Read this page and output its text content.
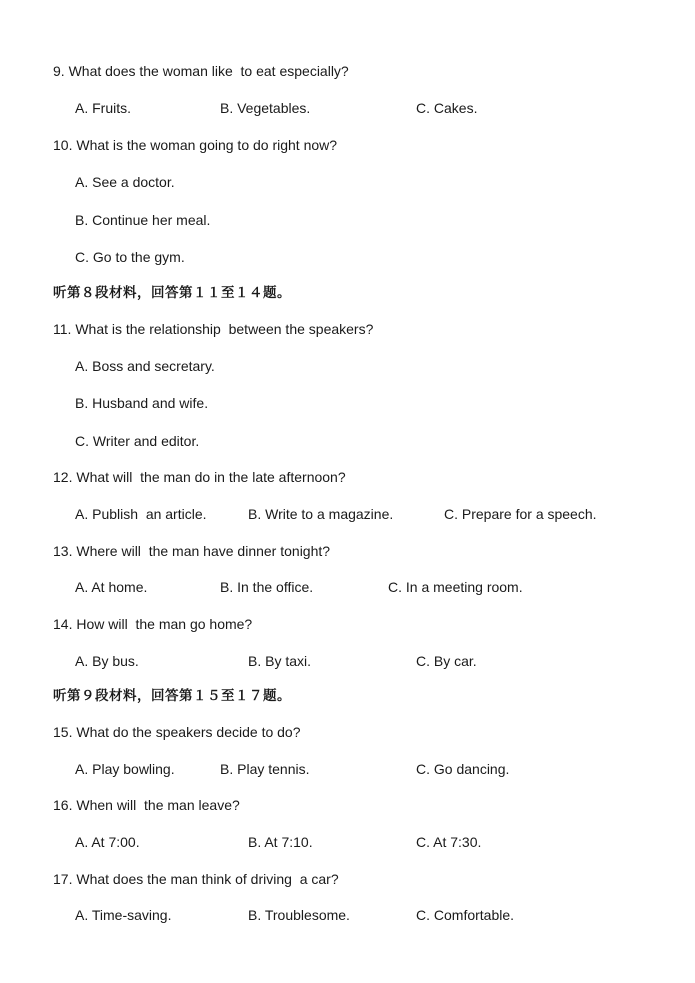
9. What does the woman like  to eat especially?
A. Fruits.	B. Vegetables.	C. Cakes.
10. What is the woman going to do right now?
A. See a doctor.
B. Continue her meal.
C. Go to the gym.
听第８段材料，回答第１１至１４题。
11. What is the relationship  between the speakers?
A. Boss and secretary.
B. Husband and wife.
C. Writer and editor.
12. What will  the man do in the late afternoon?
A. Publish  an article.	B. Write to a magazine.	C. Prepare for a speech.
13. Where will  the man have dinner tonight?
A. At home.	B. In the office.	C. In a meeting room.
14. How will  the man go home?
A. By bus.	B. By taxi.	C. By car.
听第９段材料，回答第１５至１７题。
15. What do the speakers decide to do?
A. Play bowling.	B. Play tennis.	C. Go dancing.
16. When will  the man leave?
A. At 7:00.	B. At 7:10.	C. At 7:30.
17. What does the man think of driving  a car?
A. Time-saving.	B. Troublesome.	C. Comfortable.
